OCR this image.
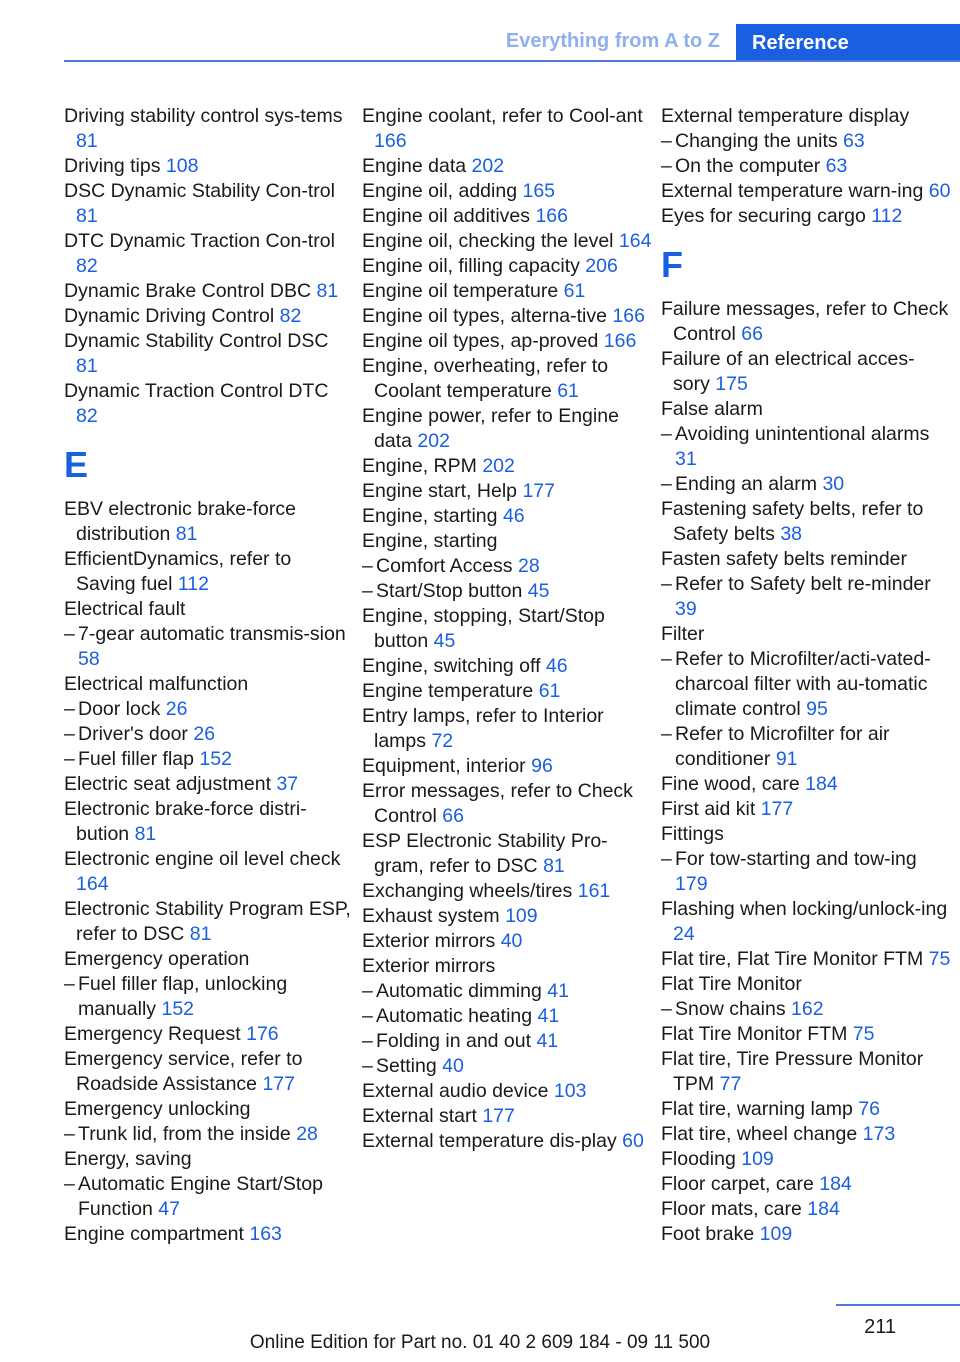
Everything from A to Z	Reference
Driving stability control sys-tems 81
Driving tips 108
DSC Dynamic Stability Con-trol 81
DTC Dynamic Traction Con-trol 82
Dynamic Brake Control DBC 81
Dynamic Driving Control 82
Dynamic Stability Control DSC 81
Dynamic Traction Control DTC 82
E
EBV electronic brake-force distribution 81
EfficientDynamics, refer to Saving fuel 112
Electrical fault
– 7-gear automatic transmis-sion 58
Electrical malfunction
– Door lock 26
– Driver's door 26
– Fuel filler flap 152
Electric seat adjustment 37
Electronic brake-force distri-bution 81
Electronic engine oil level check 164
Electronic Stability Program ESP, refer to DSC 81
Emergency operation
– Fuel filler flap, unlocking manually 152
Emergency Request 176
Emergency service, refer to Roadside Assistance 177
Emergency unlocking
– Trunk lid, from the inside 28
Energy, saving
– Automatic Engine Start/Stop Function 47
Engine compartment 163
Engine coolant, refer to Cool-ant 166
Engine data 202
Engine oil, adding 165
Engine oil additives 166
Engine oil, checking the level 164
Engine oil, filling capacity 206
Engine oil temperature 61
Engine oil types, alterna-tive 166
Engine oil types, ap-proved 166
Engine, overheating, refer to Coolant temperature 61
Engine power, refer to Engine data 202
Engine, RPM 202
Engine start, Help 177
Engine, starting 46
Engine, starting
– Comfort Access 28
– Start/Stop button 45
Engine, stopping, Start/Stop button 45
Engine, switching off 46
Engine temperature 61
Entry lamps, refer to Interior lamps 72
Equipment, interior 96
Error messages, refer to Check Control 66
ESP Electronic Stability Pro-gram, refer to DSC 81
Exchanging wheels/tires 161
Exhaust system 109
Exterior mirrors 40
Exterior mirrors
– Automatic dimming 41
– Automatic heating 41
– Folding in and out 41
– Setting 40
External audio device 103
External start 177
External temperature dis-play 60
External temperature display
– Changing the units 63
– On the computer 63
External temperature warn-ing 60
Eyes for securing cargo 112
F
Failure messages, refer to Check Control 66
Failure of an electrical acces-sory 175
False alarm
– Avoiding unintentional alarms 31
– Ending an alarm 30
Fastening safety belts, refer to Safety belts 38
Fasten safety belts reminder
– Refer to Safety belt re-minder 39
Filter
– Refer to Microfilter/acti-vated-charcoal filter with au-tomatic climate control 95
– Refer to Microfilter for air conditioner 91
Fine wood, care 184
First aid kit 177
Fittings
– For tow-starting and tow-ing 179
Flashing when locking/unlock-ing 24
Flat tire, Flat Tire Monitor FTM 75
Flat Tire Monitor
– Snow chains 162
Flat Tire Monitor FTM 75
Flat tire, Tire Pressure Monitor TPM 77
Flat tire, warning lamp 76
Flat tire, wheel change 173
Flooding 109
Floor carpet, care 184
Floor mats, care 184
Foot brake 109
211
Online Edition for Part no. 01 40 2 609 184 - 09 11 500
